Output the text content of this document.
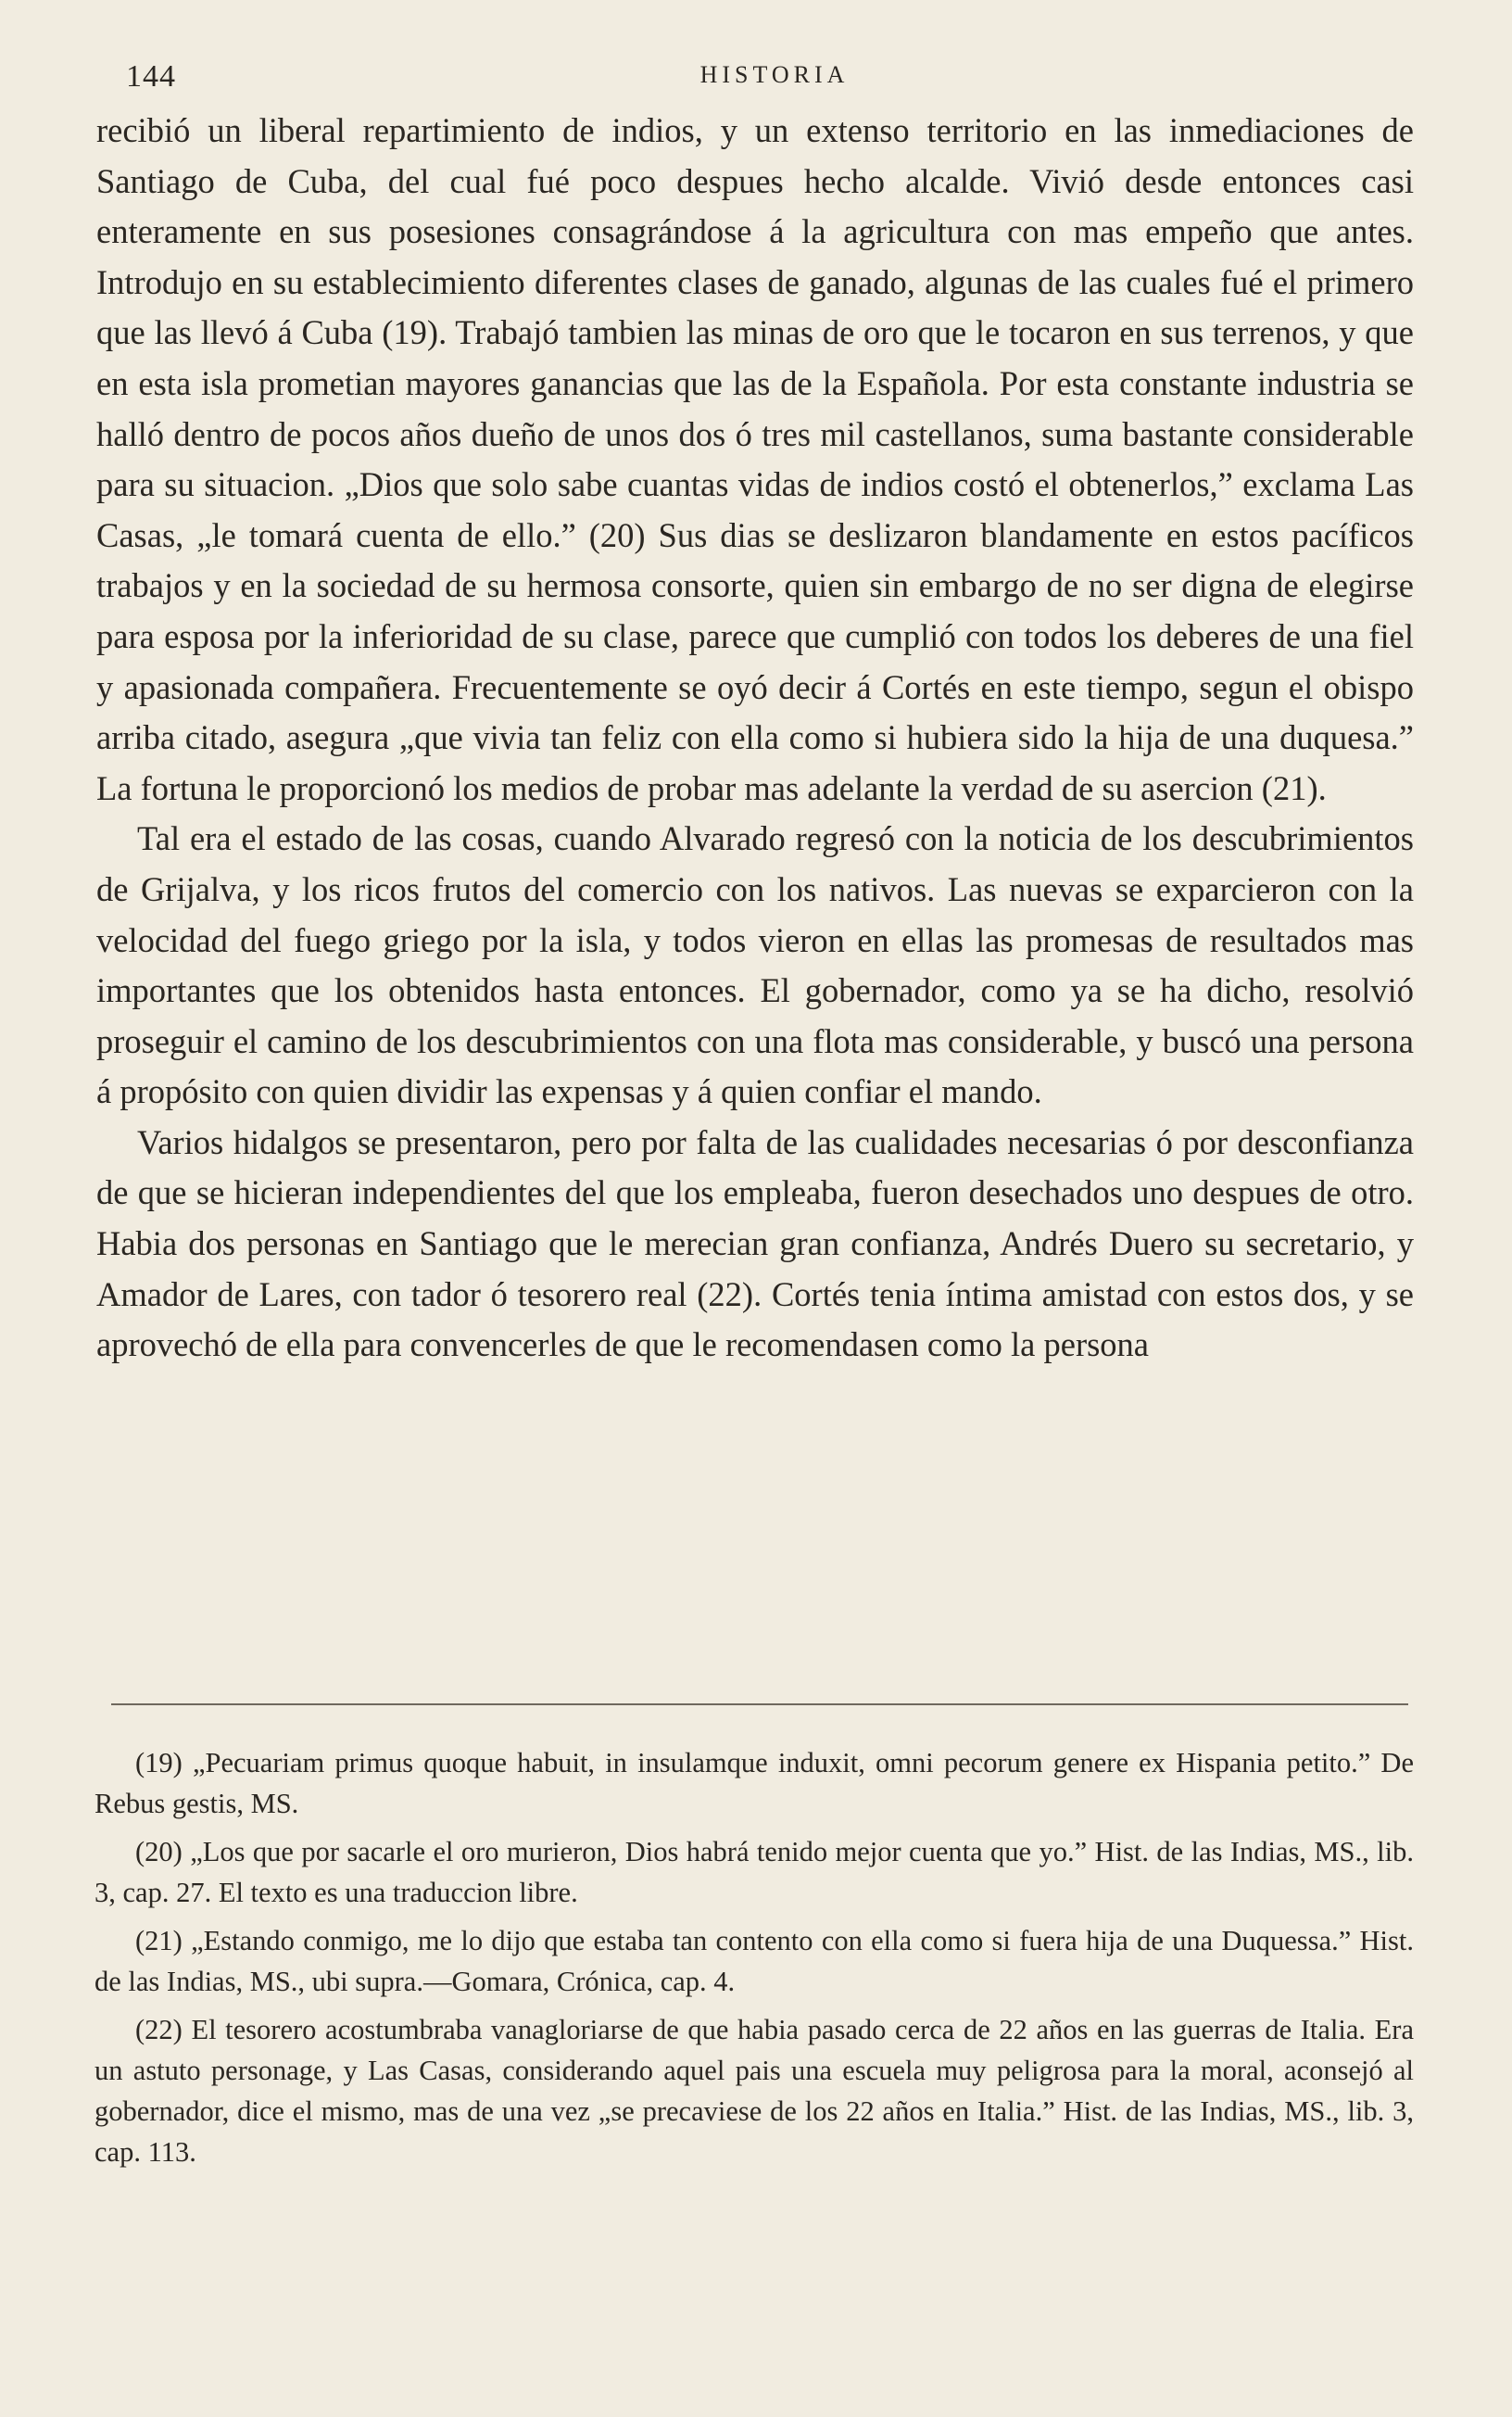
144	HISTORIA

recibió un liberal repartimiento de indios, y un extenso territorio en las inmediaciones de Santiago de Cuba, del cual fué poco despues hecho alcalde. Vivió desde entonces casi enteramente en sus posesiones consagrándose á la agricultura con mas empeño que antes. Introdujo en su establecimiento diferentes clases de ganado, algunas de las cuales fué el primero que las llevó á Cuba (19). Trabajó tambien las minas de oro que le tocaron en sus terrenos, y que en esta isla prometian mayores ganancias que las de la Española. Por esta constante industria se halló dentro de pocos años dueño de unos dos ó tres mil castellanos, suma bastante considerable para su situacion. „Dios que solo sabe cuantas vidas de indios costó el obtenerlos,” exclama Las Casas, „le tomará cuenta de ello.” (20) Sus dias se deslizaron blandamente en estos pacíficos trabajos y en la sociedad de su hermosa consorte, quien sin embargo de no ser digna de elegirse para esposa por la inferioridad de su clase, parece que cumplió con todos los deberes de una fiel y apasionada compañera. Frecuentemente se oyó decir á Cortés en este tiempo, segun el obispo arriba citado, asegura „que vivia tan feliz con ella como si hubiera sido la hija de una duquesa.” La fortuna le proporcionó los medios de probar mas adelante la verdad de su asercion (21).

Tal era el estado de las cosas, cuando Alvarado regresó con la noticia de los descubrimientos de Grijalva, y los ricos frutos del comercio con los nativos. Las nuevas se exparcieron con la velocidad del fuego griego por la isla, y todos vieron en ellas las promesas de resultados mas importantes que los obtenidos hasta entonces. El gobernador, como ya se ha dicho, resolvió proseguir el camino de los descubrimientos con una flota mas considerable, y buscó una persona á propósito con quien dividir las expensas y á quien confiar el mando.

Varios hidalgos se presentaron, pero por falta de las cualidades necesarias ó por desconfianza de que se hicieran independientes del que los empleaba, fueron desechados uno despues de otro. Habia dos personas en Santiago que le merecian gran confianza, Andrés Duero su secretario, y Amador de Lares, con tador ó tesorero real (22). Cortés tenia íntima amistad con estos dos, y se aprovechó de ella para convencerles de que le recomendasen como la persona

(19) „Pecuariam primus quoque habuit, in insulamque induxit, omni pecorum genere ex Hispania petito.” De Rebus gestis, MS.

(20) „Los que por sacarle el oro murieron, Dios habrá tenido mejor cuenta que yo.” Hist. de las Indias, MS., lib. 3, cap. 27. El texto es una traduccion libre.

(21) „Estando conmigo, me lo dijo que estaba tan contento con ella como si fuera hija de una Duquessa.” Hist. de las Indias, MS., ubi supra.—Gomara, Crónica, cap. 4.

(22) El tesorero acostumbraba vanagloriarse de que habia pasado cerca de 22 años en las guerras de Italia. Era un astuto personage, y Las Casas, considerando aquel pais una escuela muy peligrosa para la moral, aconsejó al gobernador, dice el mismo, mas de una vez „se precaviese de los 22 años en Italia.” Hist. de las Indias, MS., lib. 3, cap. 113.
